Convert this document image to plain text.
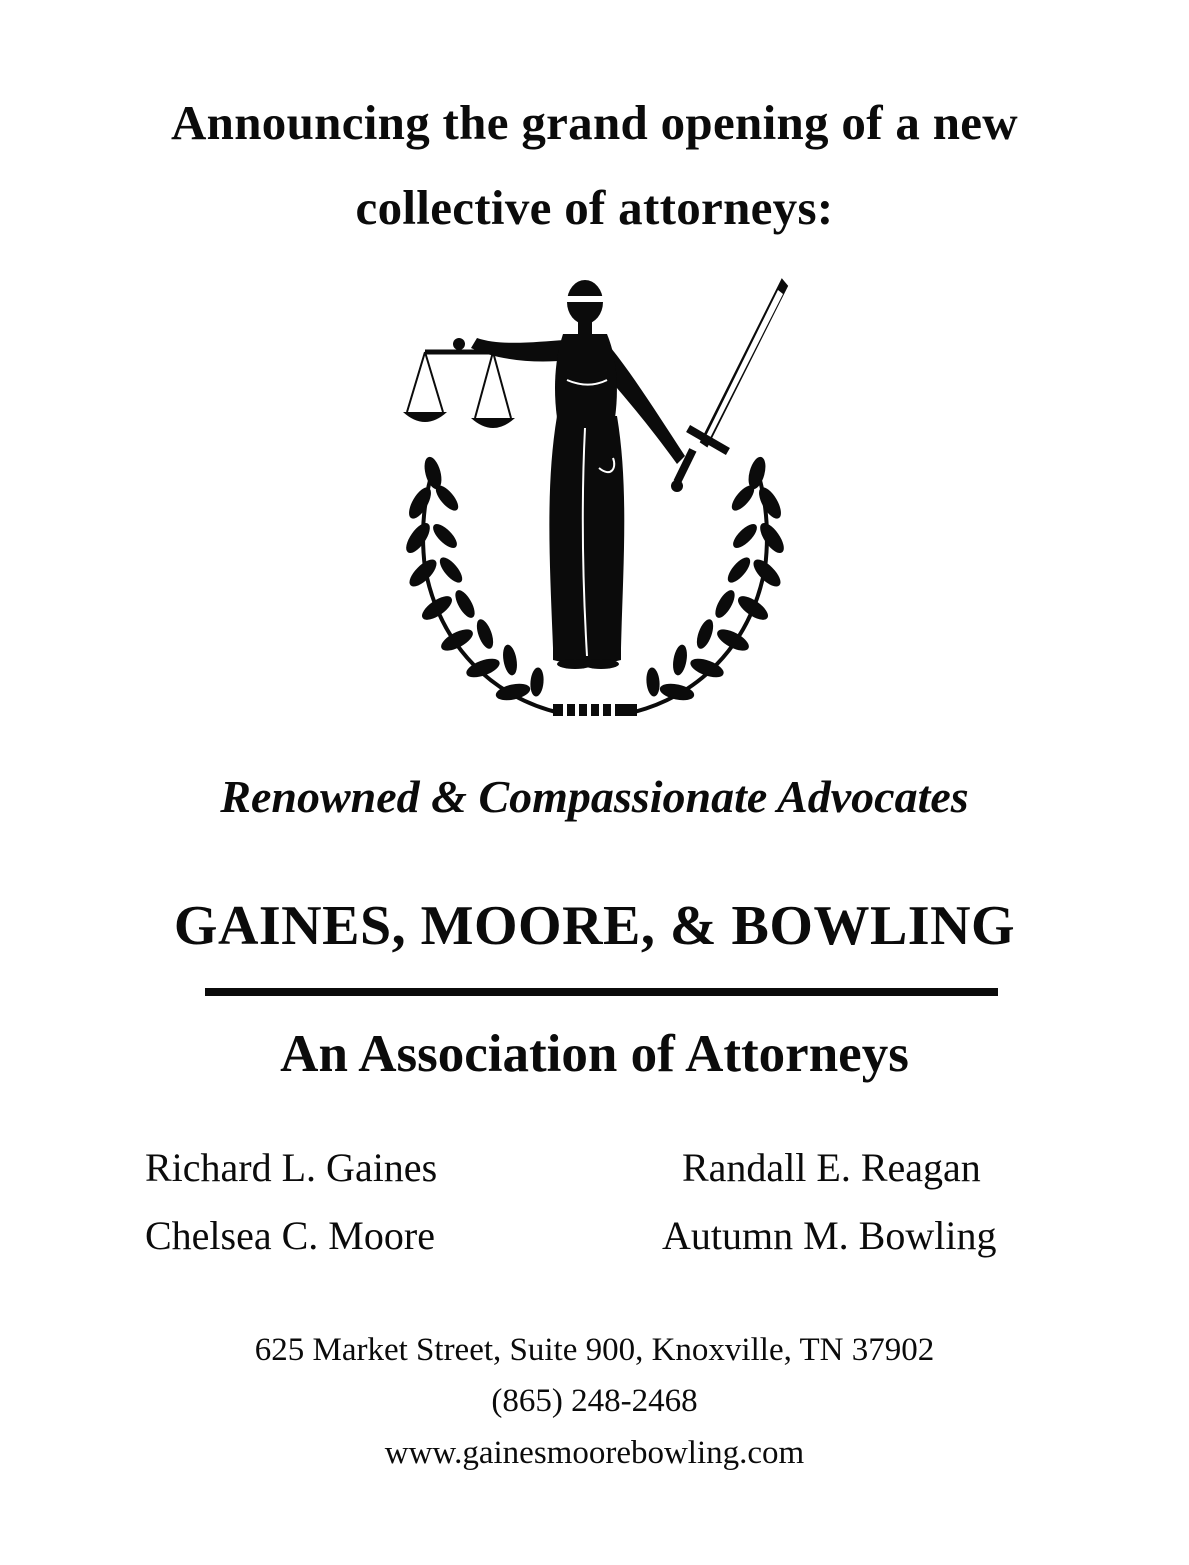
Announcing the grand opening of a new
collective of attorneys:
Renowned & Compassionate Advocates
GAINES, MOORE, & BOWLING
An Association of Attorneys
Richard L. Gaines
Chelsea C. Moore
Randall E. Reagan
Autumn M. Bowling
625 Market Street, Suite 900, Knoxville, TN 37902
(865) 248-2468
www.gainesmoorebowling.com
